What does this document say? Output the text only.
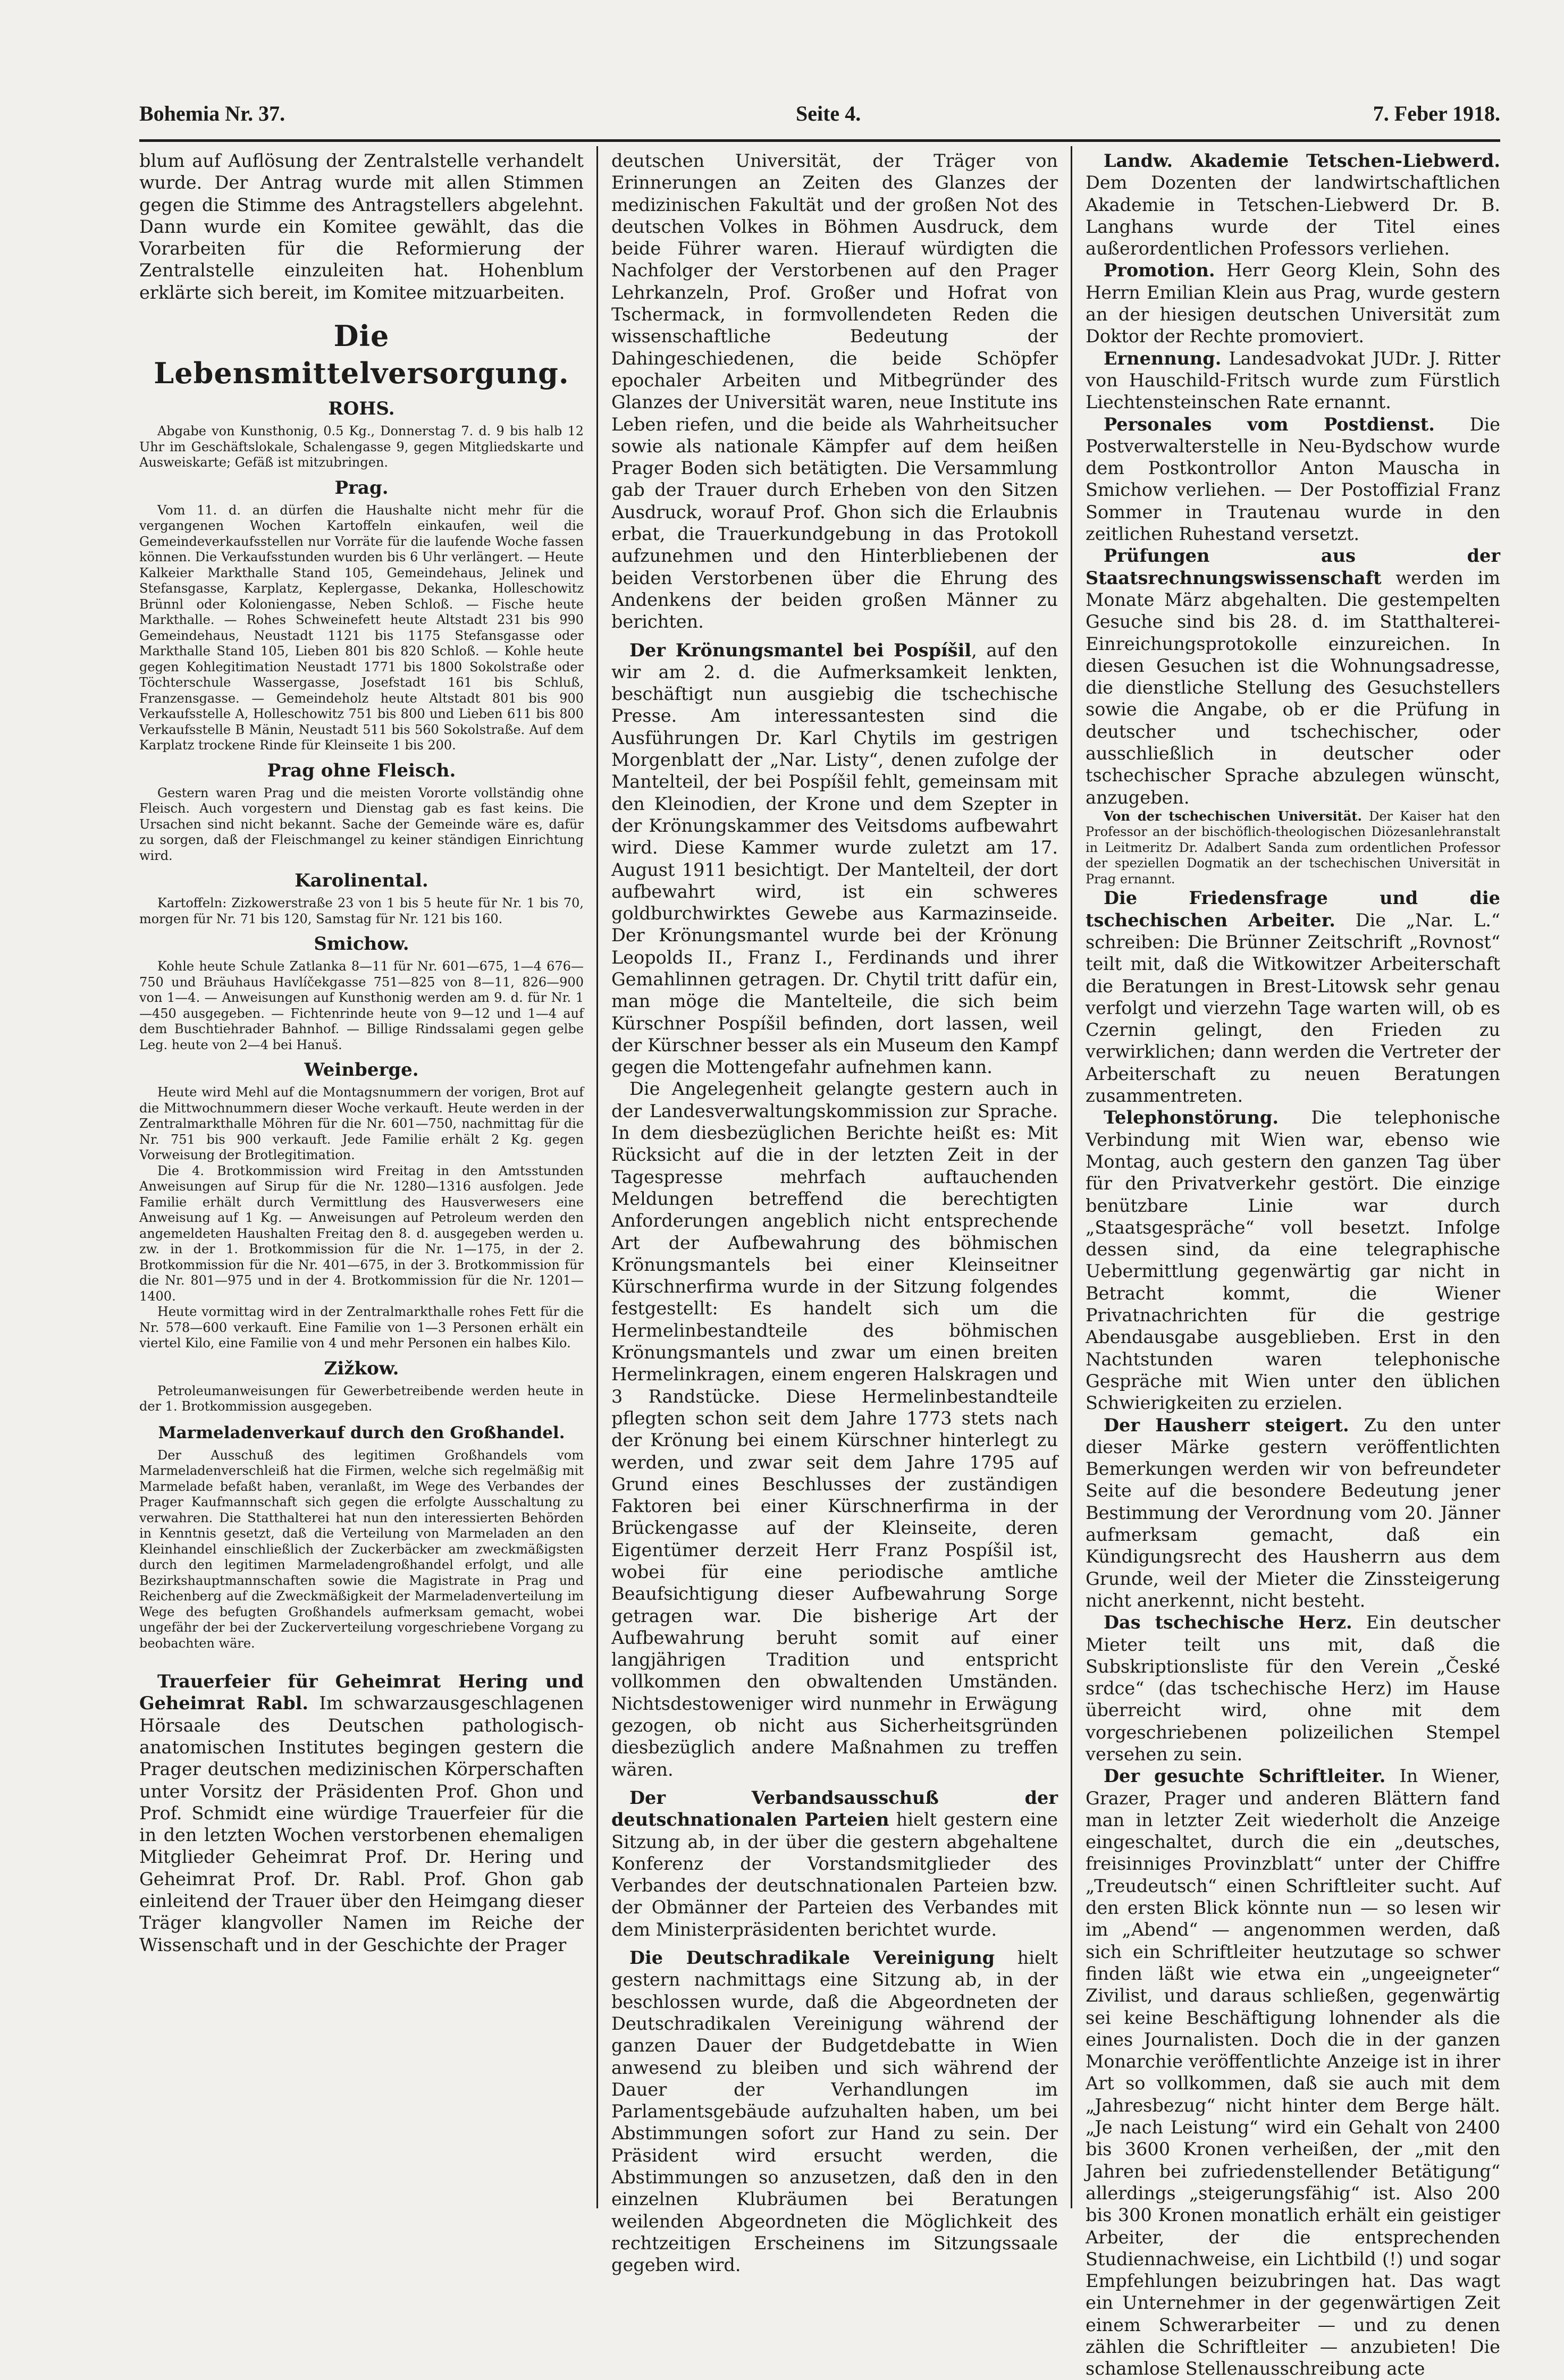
Bohemia Nr. 37.	Seite 4.	7. Feber 1918.

blum auf Auflösung der Zentralstelle verhandelt wurde. Der Antrag wurde mit allen Stimmen gegen die Stimme des Antragstellers abgelehnt. Dann wurde ein Komitee gewählt, das die Vorarbeiten für die Reformierung der Zentralstelle einzuleiten hat. Hohenblum erklärte sich bereit, im Komitee mitzuarbeiten.

Die Lebensmittelversorgung.
ROHS.

Abgabe von Kunsthonig, 0.5 Kg., Donnerstag 7. d. 9 bis halb 12 Uhr im Geschäftslokale, Schalengasse 9, gegen Mitgliedskarte und Ausweiskarte; Gefäß ist mitzubringen.

Prag.

Vom 11. d. an dürfen die Haushalte nicht mehr für die vergangenen Wochen Kartoffeln einkaufen, weil die Gemeindeverkaufsstellen nur Vorräte für die laufende Woche fassen können. Die Verkaufsstunden wurden bis 6 Uhr verlängert. — Heute Kalkeier Markthalle Stand 105, Gemeindehaus, Jelinek und Stefansgasse, Karplatz, Keplergasse, Dekanka, Holleschowitz Brünnl oder Koloniengasse, Neben Schloß. — Fische heute Markthalle. — Rohes Schweinefett heute Altstadt 231 bis 990 Gemeindehaus, Neustadt 1121 bis 1175 Stefansgasse oder Markthalle Stand 105, Lieben 801 bis 820 Schloß. — Kohle heute gegen Kohlegitimation Neustadt 1771 bis 1800 Sokolstraße oder Töchterschule Wassergasse, Josefstadt 161 bis Schluß, Franzensgasse. — Gemeindeholz heute Altstadt 801 bis 900 Verkaufsstelle A, Holleschowitz 751 bis 800 und Lieben 611 bis 800 Verkaufsstelle B Mänin, Neustadt 511 bis 560 Sokolstraße. Auf dem Karplatz trockene Rinde für Kleinseite 1 bis 200.

Prag ohne Fleisch.

Gestern waren Prag und die meisten Vororte vollständig ohne Fleisch. Auch vorgestern und Dienstag gab es fast keins. Die Ursachen sind nicht bekannt. Sache der Gemeinde wäre es, dafür zu sorgen, daß der Fleischmangel zu keiner ständigen Einrichtung wird.

Karolinental.

Kartoffeln: Zizkowerstraße 23 von 1 bis 5 heute für Nr. 1 bis 70, morgen für Nr. 71 bis 120, Samstag für Nr. 121 bis 160.

Smichow.

Kohle heute Schule Zatlanka 8—11 für Nr. 601—675, 1—4 676—750 und Bräuhaus Havlíčekgasse 751—825 von 8—11, 826—900 von 1—4. — Anweisungen auf Kunsthonig werden am 9. d. für Nr. 1—450 ausgegeben. — Fichtenrinde heute von 9—12 und 1—4 auf dem Buschtiehrader Bahnhof. — Billige Rindssalami gegen gelbe Leg. heute von 2—4 bei Hanuš.

Weinberge.

Heute wird Mehl auf die Montagsnummern der vorigen, Brot auf die Mittwochnummern dieser Woche verkauft. Heute werden in der Zentralmarkthalle Möhren für die Nr. 601—750, nachmittag für die Nr. 751 bis 900 verkauft. Jede Familie erhält 2 Kg. gegen Vorweisung der Brotlegitimation.

Die 4. Brotkommission wird Freitag in den Amtsstunden Anweisungen auf Sirup für die Nr. 1280—1316 ausfolgen. Jede Familie erhält durch Vermittlung des Hausverwesers eine Anweisung auf 1 Kg. — Anweisungen auf Petroleum werden den angemeldeten Haushalten Freitag den 8. d. ausgegeben werden u. zw. in der 1. Brotkommission für die Nr. 1—175, in der 2. Brotkommission für die Nr. 401—675, in der 3. Brotkommission für die Nr. 801—975 und in der 4. Brotkommission für die Nr. 1201—1400.

Heute vormittag wird in der Zentralmarkthalle rohes Fett für die Nr. 578—600 verkauft. Eine Familie von 1—3 Personen erhält ein viertel Kilo, eine Familie von 4 und mehr Personen ein halbes Kilo.

Zižkow.

Petroleumanweisungen für Gewerbetreibende werden heute in der 1. Brotkommission ausgegeben.

Marmeladenverkauf durch den Großhandel.

Der Ausschuß des legitimen Großhandels vom Marmeladenverschleiß hat die Firmen, welche sich regelmäßig mit Marmelade befaßt haben, veranlaßt, im Wege des Verbandes der Prager Kaufmannschaft sich gegen die erfolgte Ausschaltung zu verwahren. Die Statthalterei hat nun den interessierten Behörden in Kenntnis gesetzt, daß die Verteilung von Marmeladen an den Kleinhandel einschließlich der Zuckerbäcker am zweckmäßigsten durch den legitimen Marmeladengroßhandel erfolgt, und alle Bezirkshauptmannschaften sowie die Magistrate in Prag und Reichenberg auf die Zweckmäßigkeit der Marmeladenverteilung im Wege des befugten Großhandels aufmerksam gemacht, wobei ungefähr der bei der Zuckerverteilung vorgeschriebene Vorgang zu beobachten wäre.

Trauerfeier für Geheimrat Hering und Geheimrat Rabl. Im schwarzausgeschlagenen Hörsaale des Deutschen pathologisch-anatomischen Institutes begingen gestern die Prager deutschen medizinischen Körperschaften unter Vorsitz der Präsidenten Prof. Ghon und Prof. Schmidt eine würdige Trauerfeier für die in den letzten Wochen verstorbenen ehemaligen Mitglieder Geheimrat Prof. Dr. Hering und Geheimrat Prof. Dr. Rabl. Prof. Ghon gab einleitend der Trauer über den Heimgang dieser Träger klangvoller Namen im Reiche der Wissenschaft und in der Geschichte der Prager

deutschen Universität, der Träger von Erinnerungen an Zeiten des Glanzes der medizinischen Fakultät und der großen Not des deutschen Volkes in Böhmen Ausdruck, dem beide Führer waren. Hierauf würdigten die Nachfolger der Verstorbenen auf den Prager Lehrkanzeln, Prof. Großer und Hofrat von Tschermack, in formvollendeten Reden die wissenschaftliche Bedeutung der Dahingeschiedenen, die beide Schöpfer epochaler Arbeiten und Mitbegründer des Glanzes der Universität waren, neue Institute ins Leben riefen, und die beide als Wahrheitsucher sowie als nationale Kämpfer auf dem heißen Prager Boden sich betätigten. Die Versammlung gab der Trauer durch Erheben von den Sitzen Ausdruck, worauf Prof. Ghon sich die Erlaubnis erbat, die Trauerkundgebung in das Protokoll aufzunehmen und den Hinterbliebenen der beiden Verstorbenen über die Ehrung des Andenkens der beiden großen Männer zu berichten.

Der Krönungsmantel bei Pospíšil, auf den wir am 2. d. die Aufmerksamkeit lenkten, beschäftigt nun ausgiebig die tschechische Presse. Am interessantesten sind die Ausführungen Dr. Karl Chytils im gestrigen Morgenblatt der „Nar. Listy“, denen zufolge der Mantelteil, der bei Pospíšil fehlt, gemeinsam mit den Kleinodien, der Krone und dem Szepter in der Krönungskammer des Veitsdoms aufbewahrt wird. Diese Kammer wurde zuletzt am 17. August 1911 besichtigt. Der Mantelteil, der dort aufbewahrt wird, ist ein schweres goldburchwirktes Gewebe aus Karmazinseide. Der Krönungsmantel wurde bei der Krönung Leopolds II., Franz I., Ferdinands und ihrer Gemahlinnen getragen. Dr. Chytil tritt dafür ein, man möge die Mantelteile, die sich beim Kürschner Pospíšil befinden, dort lassen, weil der Kürschner besser als ein Museum den Kampf gegen die Mottengefahr aufnehmen kann.

Die Angelegenheit gelangte gestern auch in der Landesverwaltungskommission zur Sprache. In dem diesbezüglichen Berichte heißt es: Mit Rücksicht auf die in der letzten Zeit in der Tagespresse mehrfach auftauchenden Meldungen betreffend die berechtigten Anforderungen angeblich nicht entsprechende Art der Aufbewahrung des böhmischen Krönungsmantels bei einer Kleinseitner Kürschnerfirma wurde in der Sitzung folgendes festgestellt: Es handelt sich um die Hermelinbestandteile des böhmischen Krönungsmantels und zwar um einen breiten Hermelinkragen, einem engeren Halskragen und 3 Randstücke. Diese Hermelinbestandteile pflegten schon seit dem Jahre 1773 stets nach der Krönung bei einem Kürschner hinterlegt zu werden, und zwar seit dem Jahre 1795 auf Grund eines Beschlusses der zuständigen Faktoren bei einer Kürschnerfirma in der Brückengasse auf der Kleinseite, deren Eigentümer derzeit Herr Franz Pospíšil ist, wobei für eine periodische amtliche Beaufsichtigung dieser Aufbewahrung Sorge getragen war. Die bisherige Art der Aufbewahrung beruht somit auf einer langjährigen Tradition und entspricht vollkommen den obwaltenden Umständen. Nichtsdestoweniger wird nunmehr in Erwägung gezogen, ob nicht aus Sicherheitsgründen diesbezüglich andere Maßnahmen zu treffen wären.

Der Verbandsausschuß der deutschnationalen Parteien hielt gestern eine Sitzung ab, in der über die gestern abgehaltene Konferenz der Vorstandsmitglieder des Verbandes der deutschnationalen Parteien bzw. der Obmänner der Parteien des Verbandes mit dem Ministerpräsidenten berichtet wurde.

Die Deutschradikale Vereinigung hielt gestern nachmittags eine Sitzung ab, in der beschlossen wurde, daß die Abgeordneten der Deutschradikalen Vereinigung während der ganzen Dauer der Budgetdebatte in Wien anwesend zu bleiben und sich während der Dauer der Verhandlungen im Parlamentsgebäude aufzuhalten haben, um bei Abstimmungen sofort zur Hand zu sein. Der Präsident wird ersucht werden, die Abstimmungen so anzusetzen, daß den in den einzelnen Klubräumen bei Beratungen weilenden Abgeordneten die Möglichkeit des rechtzeitigen Erscheinens im Sitzungssaale gegeben wird.

Landw. Akademie Tetschen-Liebwerd. Dem Dozenten der landwirtschaftlichen Akademie in Tetschen-Liebwerd Dr. B. Langhans wurde der Titel eines außerordentlichen Professors verliehen.

Promotion. Herr Georg Klein, Sohn des Herrn Emilian Klein aus Prag, wurde gestern an der hiesigen deutschen Universität zum Doktor der Rechte promoviert.

Ernennung. Landesadvokat JUDr. J. Ritter von Hauschild-Fritsch wurde zum Fürstlich Liechtensteinschen Rate ernannt.

Personales vom Postdienst. Die Postverwalterstelle in Neu-Bydschow wurde dem Postkontrollor Anton Mauscha in Smichow verliehen. — Der Postoffizial Franz Sommer in Trautenau wurde in den zeitlichen Ruhestand versetzt.

Prüfungen aus der Staatsrechnungswissenschaft werden im Monate März abgehalten. Die gestempelten Gesuche sind bis 28. d. im Statthalterei-Einreichungsprotokolle einzureichen. In diesen Gesuchen ist die Wohnungsadresse, die dienstliche Stellung des Gesuchstellers sowie die Angabe, ob er die Prüfung in deutscher und tschechischer, oder ausschließlich in deutscher oder tschechischer Sprache abzulegen wünscht, anzugeben.

Von der tschechischen Universität. Der Kaiser hat den Professor an der bischöflich-theologischen Diözesanlehranstalt in Leitmeritz Dr. Adalbert Sanda zum ordentlichen Professor der speziellen Dogmatik an der tschechischen Universität in Prag ernannt.

Die Friedensfrage und die tschechischen Arbeiter. Die „Nar. L.“ schreiben: Die Brünner Zeitschrift „Rovnost“ teilt mit, daß die Witkowitzer Arbeiterschaft die Beratungen in Brest-Litowsk sehr genau verfolgt und vierzehn Tage warten will, ob es Czernin gelingt, den Frieden zu verwirklichen; dann werden die Vertreter der Arbeiterschaft zu neuen Beratungen zusammentreten.

Telephonstörung. Die telephonische Verbindung mit Wien war, ebenso wie Montag, auch gestern den ganzen Tag über für den Privatverkehr gestört. Die einzige benützbare Linie war durch „Staatsgespräche“ voll besetzt. Infolge dessen sind, da eine telegraphische Uebermittlung gegenwärtig gar nicht in Betracht kommt, die Wiener Privatnachrichten für die gestrige Abendausgabe ausgeblieben. Erst in den Nachtstunden waren telephonische Gespräche mit Wien unter den üblichen Schwierigkeiten zu erzielen.

Der Hausherr steigert. Zu den unter dieser Märke gestern veröffentlichten Bemerkungen werden wir von befreundeter Seite auf die besondere Bedeutung jener Bestimmung der Verordnung vom 20. Jänner aufmerksam gemacht, daß ein Kündigungsrecht des Hausherrn aus dem Grunde, weil der Mieter die Zinssteigerung nicht anerkennt, nicht besteht.

Das tschechische Herz. Ein deutscher Mieter teilt uns mit, daß die Subskriptionsliste für den Verein „České srdce“ (das tschechische Herz) im Hause überreicht wird, ohne mit dem vorgeschriebenen polizeilichen Stempel versehen zu sein.

Der gesuchte Schriftleiter. In Wiener, Grazer, Prager und anderen Blättern fand man in letzter Zeit wiederholt die Anzeige eingeschaltet, durch die ein „deutsches, freisinniges Provinzblatt“ unter der Chiffre „Treudeutsch“ einen Schriftleiter sucht. Auf den ersten Blick könnte nun — so lesen wir im „Abend“ — angenommen werden, daß sich ein Schriftleiter heutzutage so schwer finden läßt wie etwa ein „ungeeigneter“ Zivilist, und daraus schließen, gegenwärtig sei keine Beschäftigung lohnender als die eines Journalisten. Doch die in der ganzen Monarchie veröffentlichte Anzeige ist in ihrer Art so vollkommen, daß sie auch mit dem „Jahresbezug“ nicht hinter dem Berge hält. „Je nach Leistung“ wird ein Gehalt von 2400 bis 3600 Kronen verheißen, der „mit den Jahren bei zufriedenstellender Betätigung“ allerdings „steigerungsfähig“ ist. Also 200 bis 300 Kronen monatlich erhält ein geistiger Arbeiter, der die entsprechenden Studiennachweise, ein Lichtbild (!) und sogar Empfehlungen beizubringen hat. Das wagt ein Unternehmer in der gegenwärtigen Zeit einem Schwerarbeiter — und zu denen zählen die Schriftleiter — anzubieten! Die schamlose Stellenausschreibung acte
